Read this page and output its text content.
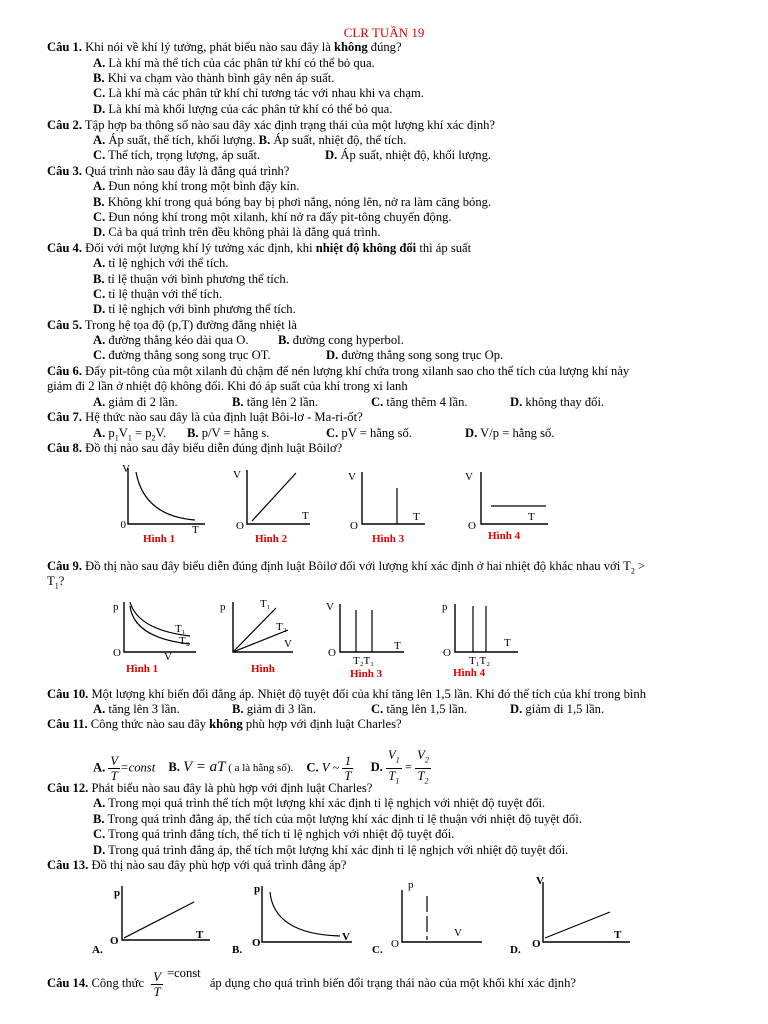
CLR TUẦN 19
Câu 1. Khi nói về khí lý tưởng, phát biểu nào sau đây là không đúng?
A. Là khí mà thể tích của các phân tử khí có thể bỏ qua.
B. Khi va chạm vào thành bình gây nên áp suất.
C. Là khí mà các phân tử khí chỉ tương tác với nhau khi va chạm.
D. Là khí mà khối lượng của các phân tử khí có thể bỏ qua.
Câu 2. Tập hợp ba thông số nào sau đây xác định trạng thái của một lượng khí xác định?
A. Áp suất, thể tích, khối lượng. B. Áp suất, nhiệt độ, thể tích.
C. Thể tích, trọng lượng, áp suất.	D. Áp suất, nhiệt độ, khối lượng.
Câu 3. Quá trình nào sau đây là đẳng quá trình?
A. Đun nóng khí trong một bình đậy kín.
B. Không khí trong quả bóng bay bị phơi nắng, nóng lên, nở ra làm căng bóng.
C. Đun nóng khí trong một xilanh, khí nở ra đẩy pit-tông chuyển động.
D. Cả ba quá trình trên đều không phải là đẳng quá trình.
Câu 4. Đối với một lượng khí lý tưởng xác định, khi nhiệt độ không đổi thì áp suất
A. tỉ lệ nghịch với thể tích.
B. tỉ lệ thuận với bình phương thể tích.
C. tỉ lệ thuận với thể tích.
D. tỉ lệ nghịch với bình phương thể tích.
Câu 5. Trong hệ tọa độ (p,T) đường đẳng nhiệt là
A. đường thẳng kéo dài qua O. B. đường cong hyperbol.
C. đường thẳng song song trục OT.	D. đường thẳng song song trục Op.
Câu 6. Đẩy pit-tông của một xilanh đủ chậm để nén lượng khí chứa trong xilanh sao cho thể tích của lượng khí này
giảm đi 2 lần ở nhiệt độ không đổi. Khi đó áp suất của khí trong xi lanh
A. giảm đi 2 lần.	B. tăng lên 2 lần.	C. tăng thêm 4 lần.	D. không thay đổi.
Câu 7. Hệ thức nào sau đây là của định luật Bôi-lơ - Ma-ri-ốt?
A. $p_1V_1 = p_2V$. B. p/V = hằng s.	C. pV = hằng số.	D. V/p = hằng số.
Câu 8. Đồ thị nào sau đây biểu diễn đúng định luật Bôilơ?
V
T
0
Hình 1
V
T
O
Hình 2
V
T
O
Hình 3
V
T
O
Hình 4
Câu 9. Đồ thị nào sau đây biểu diễn đúng định luật Bôilơ đối với lượng khí xác định ở hai nhiệt độ khác nhau với $T_2$ >
$T_1$?
p
V
O
T₁
T₂
Hình 1
p
V
T₁
T₂
Hình
V
T
O
T₂T₁
Hình 3
p
T
O
T₁T₂
Hình 4
Câu 10. Một lượng khí biến đổi đẳng áp. Nhiệt độ tuyệt đối của khí tăng lên 1,5 lần. Khi đó thể tích của khí trong bình
A. tăng lên 3 lần.	B. giảm đi 3 lần.	C. tăng lên 1,5 lần.	D. giảm đi 1,5 lần.
Câu 11. Công thức nào sau đây không phù hợp với định luật Charles?
A. $\frac{V}{T}$ =const B. V = aT ( a là hằng số). C. V ~ $\frac{1}{T} D$. $\frac{V_1}{T_1} = \frac{V_2}{T_2}$
Câu 12. Phát biểu nào sau đây là phù hợp với định luật Charles?
A. Trong mọi quá trình thể tích một lượng khí xác định tỉ lệ nghịch với nhiệt độ tuyệt đối.
B. Trong quá trình đẳng áp, thể tích của một lượng khí xác định tỉ lệ thuận với nhiệt độ tuyệt đối.
C. Trong quá trình đẳng tích, thể tích tỉ lệ nghịch với nhiệt độ tuyệt đối.
D. Trong quá trình đẳng áp, thể tích một lượng khí xác định tỉ lệ nghịch với nhiệt độ tuyệt đối.
Câu 13. Đồ thị nào sau đây phù hợp với quá trình đẳng áp?
A.
p
T
O
B.
p
V
O
C.
p
V
O	D.
V
T
O
Câu 14. Công thức $\frac{V}{T}$ =const áp dụng cho quá trình biến đổi trạng thái nào của một khối khí xác định?
